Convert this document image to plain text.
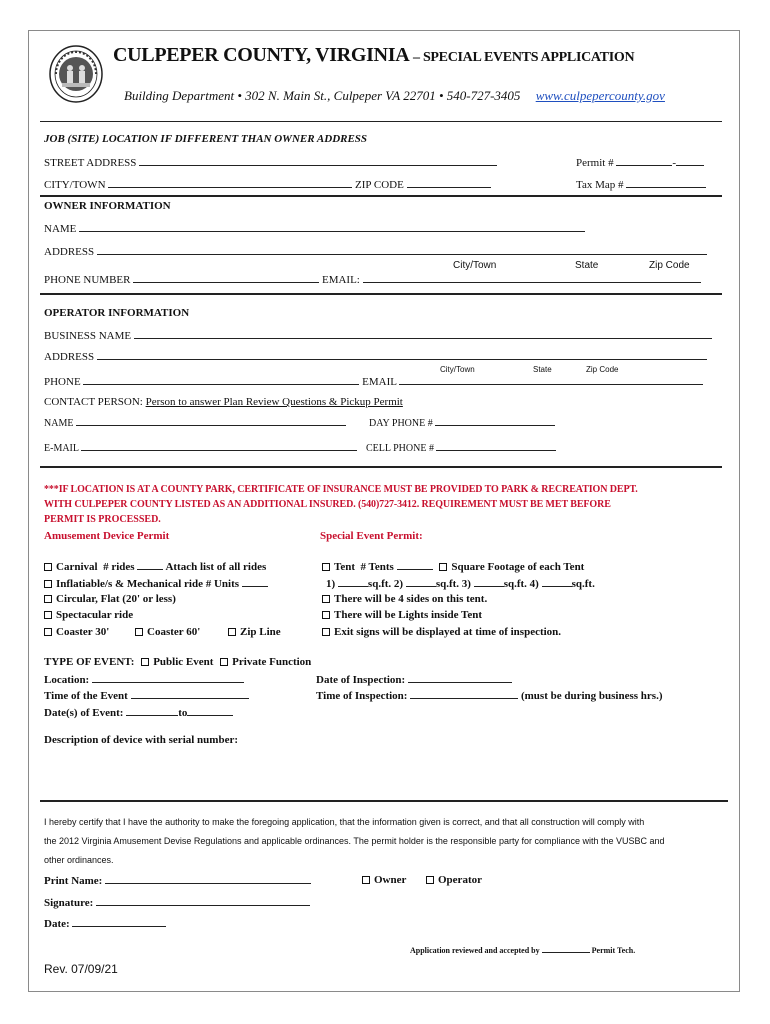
CULPEPER COUNTY, VIRGINIA – SPECIAL EVENTS APPLICATION
Building Department • 302 N. Main St., Culpeper VA 22701 • 540-727-3405 www.culpepercounty.gov
JOB (SITE) LOCATION IF DIFFERENT THAN OWNER ADDRESS
STREET ADDRESS	Permit #	-
CITY/TOWN	ZIP CODE	Tax Map #
OWNER INFORMATION
NAME
ADDRESS
City/Town	State	Zip Code
PHONE NUMBER	EMAIL:
OPERATOR INFORMATION
BUSINESS NAME
ADDRESS
City/Town	State	Zip Code
PHONE	EMAIL
CONTACT PERSON: Person to answer Plan Review Questions & Pickup Permit
NAME	DAY PHONE #
E-MAIL	CELL PHONE #
***IF LOCATION IS AT A COUNTY PARK, CERTIFICATE OF INSURANCE MUST BE PROVIDED TO PARK & RECREATION DEPT.
WITH CULPEPER COUNTY LISTED AS AN ADDITIONAL INSURED. (540)727-3412. REQUIREMENT MUST BE MET BEFORE
PERMIT IS PROCESSED.
Amusement Device Permit
Carnival # rides	Attach list of all rides
Inflatiable/s & Mechanical ride # Units
Circular, Flat (20' or less)
Spectacular ride
Coaster 30'	Coaster 60'	Zip Line
Special Event Permit:
Tent # Tents	Square Footage of each Tent
1)	sq.ft. 2)	sq.ft. 3)	sq.ft. 4)	sq.ft.
There will be 4 sides on this tent.
There will be Lights inside Tent
Exit signs will be displayed at time of inspection.
TYPE OF EVENT: Public Event Private Function
Location:	Date of Inspection:
Time of the Event	Time of Inspection:	(must be during business hrs.)
Date(s) of Event:	to
Description of device with serial number:
I hereby certify that I have the authority to make the foregoing application, that the information given is correct, and that all construction will comply with
the 2012 Virginia Amusement Devise Regulations and applicable ordinances. The permit holder is the responsible party for compliance with the VUSBC and
other ordinances.
Print Name:	Owner	Operator
Signature:
Date:
Application reviewed and accepted by	Permit Tech.
Rev. 07/09/21
